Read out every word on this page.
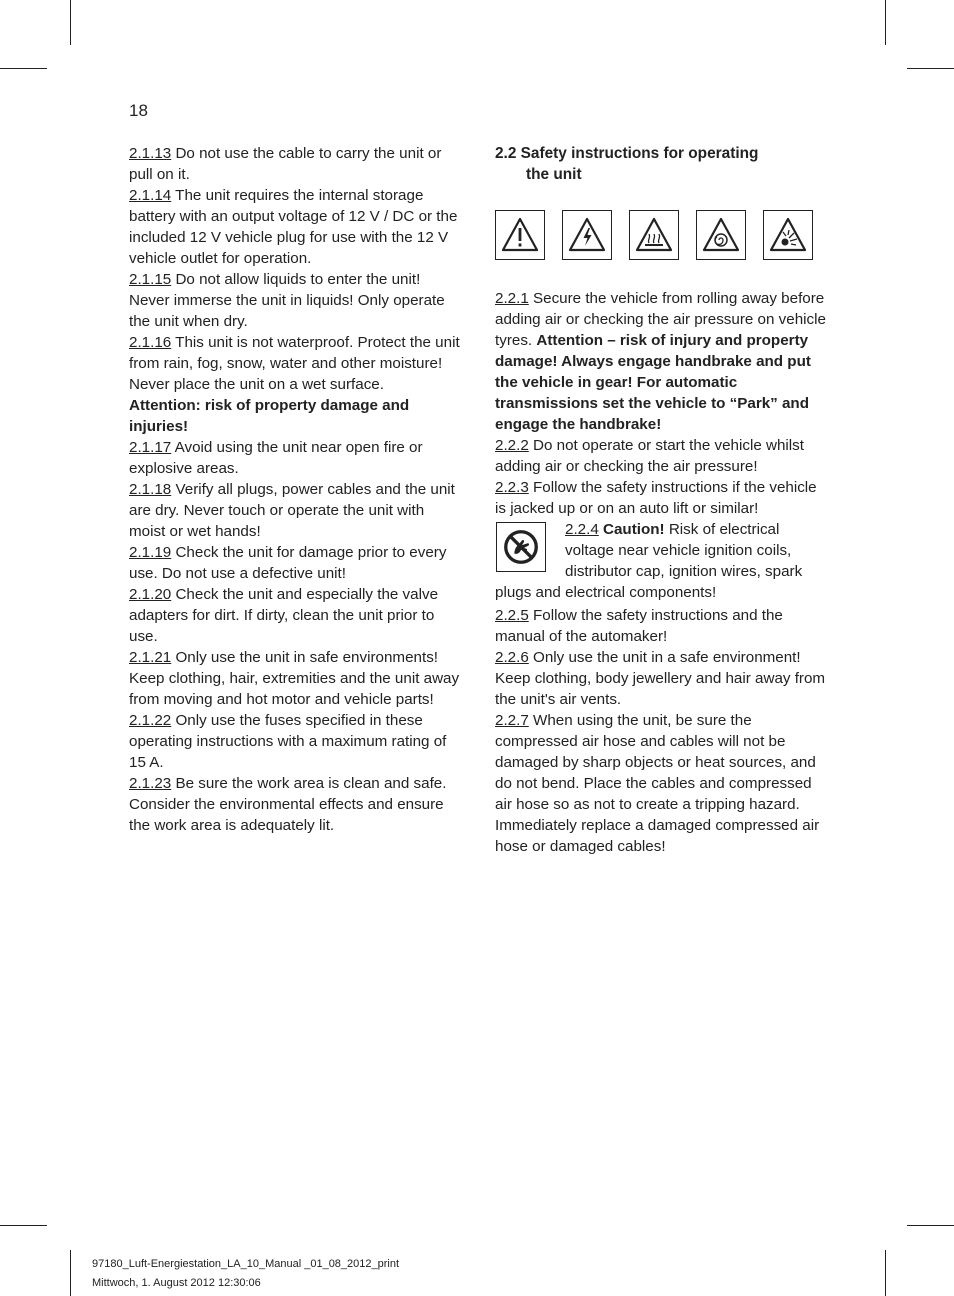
18

2.1.13 Do not use the cable to carry the unit or pull on it.

2.1.14 The unit requires the internal storage battery with an output voltage of 12 V / DC or the included 12 V vehicle plug for use with the 12 V vehicle outlet for operation.

2.1.15 Do not allow liquids to enter the unit! Never immerse the unit in liquids! Only operate the unit when dry.

2.1.16 This unit is not waterproof. Protect the unit from rain, fog, snow, water and other moisture! Never place the unit on a wet surface.

Attention: risk of property damage and injuries!

2.1.17 Avoid using the unit near open fire or explosive areas.

2.1.18 Verify all plugs, power cables and the unit are dry. Never touch or operate the unit with moist or wet hands!

2.1.19 Check the unit for damage prior to every use. Do not use a defective unit!

2.1.20 Check the unit and especially the valve adapters for dirt. If dirty, clean the unit prior to use.

2.1.21 Only use the unit in safe environments! Keep clothing, hair, extremities and the unit away from moving and hot motor and vehicle parts!

2.1.22 Only use the fuses specified in these operating instructions with a maximum rating of 15 A.

2.1.23 Be sure the work area is clean and safe. Consider the environmental effects and ensure the work area is adequately lit.

2.2 Safety instructions for operating
the unit

2.2.1 Secure the vehicle from rolling away before adding air or checking the air pressure on vehicle tyres. Attention – risk of injury and property damage! Always engage handbrake and put the vehicle in gear! For automatic transmissions set the vehicle to “Park” and engage the handbrake!

2.2.2 Do not operate or start the vehicle whilst adding air or checking the air pressure!

2.2.3 Follow the safety instructions if the vehicle is jacked up or on an auto lift or similar!

2.2.4 Caution! Risk of electrical voltage near vehicle ignition coils, distributor cap, ignition wires, spark plugs and electrical components!

2.2.5 Follow the safety instructions and the manual of the automaker!

2.2.6 Only use the unit in a safe environment! Keep clothing, body jewellery and hair away from the unit's air vents.

2.2.7 When using the unit, be sure the compressed air hose and cables will not be damaged by sharp objects or heat sources, and do not bend. Place the cables and compressed air hose so as not to create a tripping hazard. Immediately replace a damaged compressed air hose or damaged cables!

97180_Luft-Energiestation_LA_10_Manual _01_08_2012_print
Mittwoch, 1. August 2012 12:30:06
